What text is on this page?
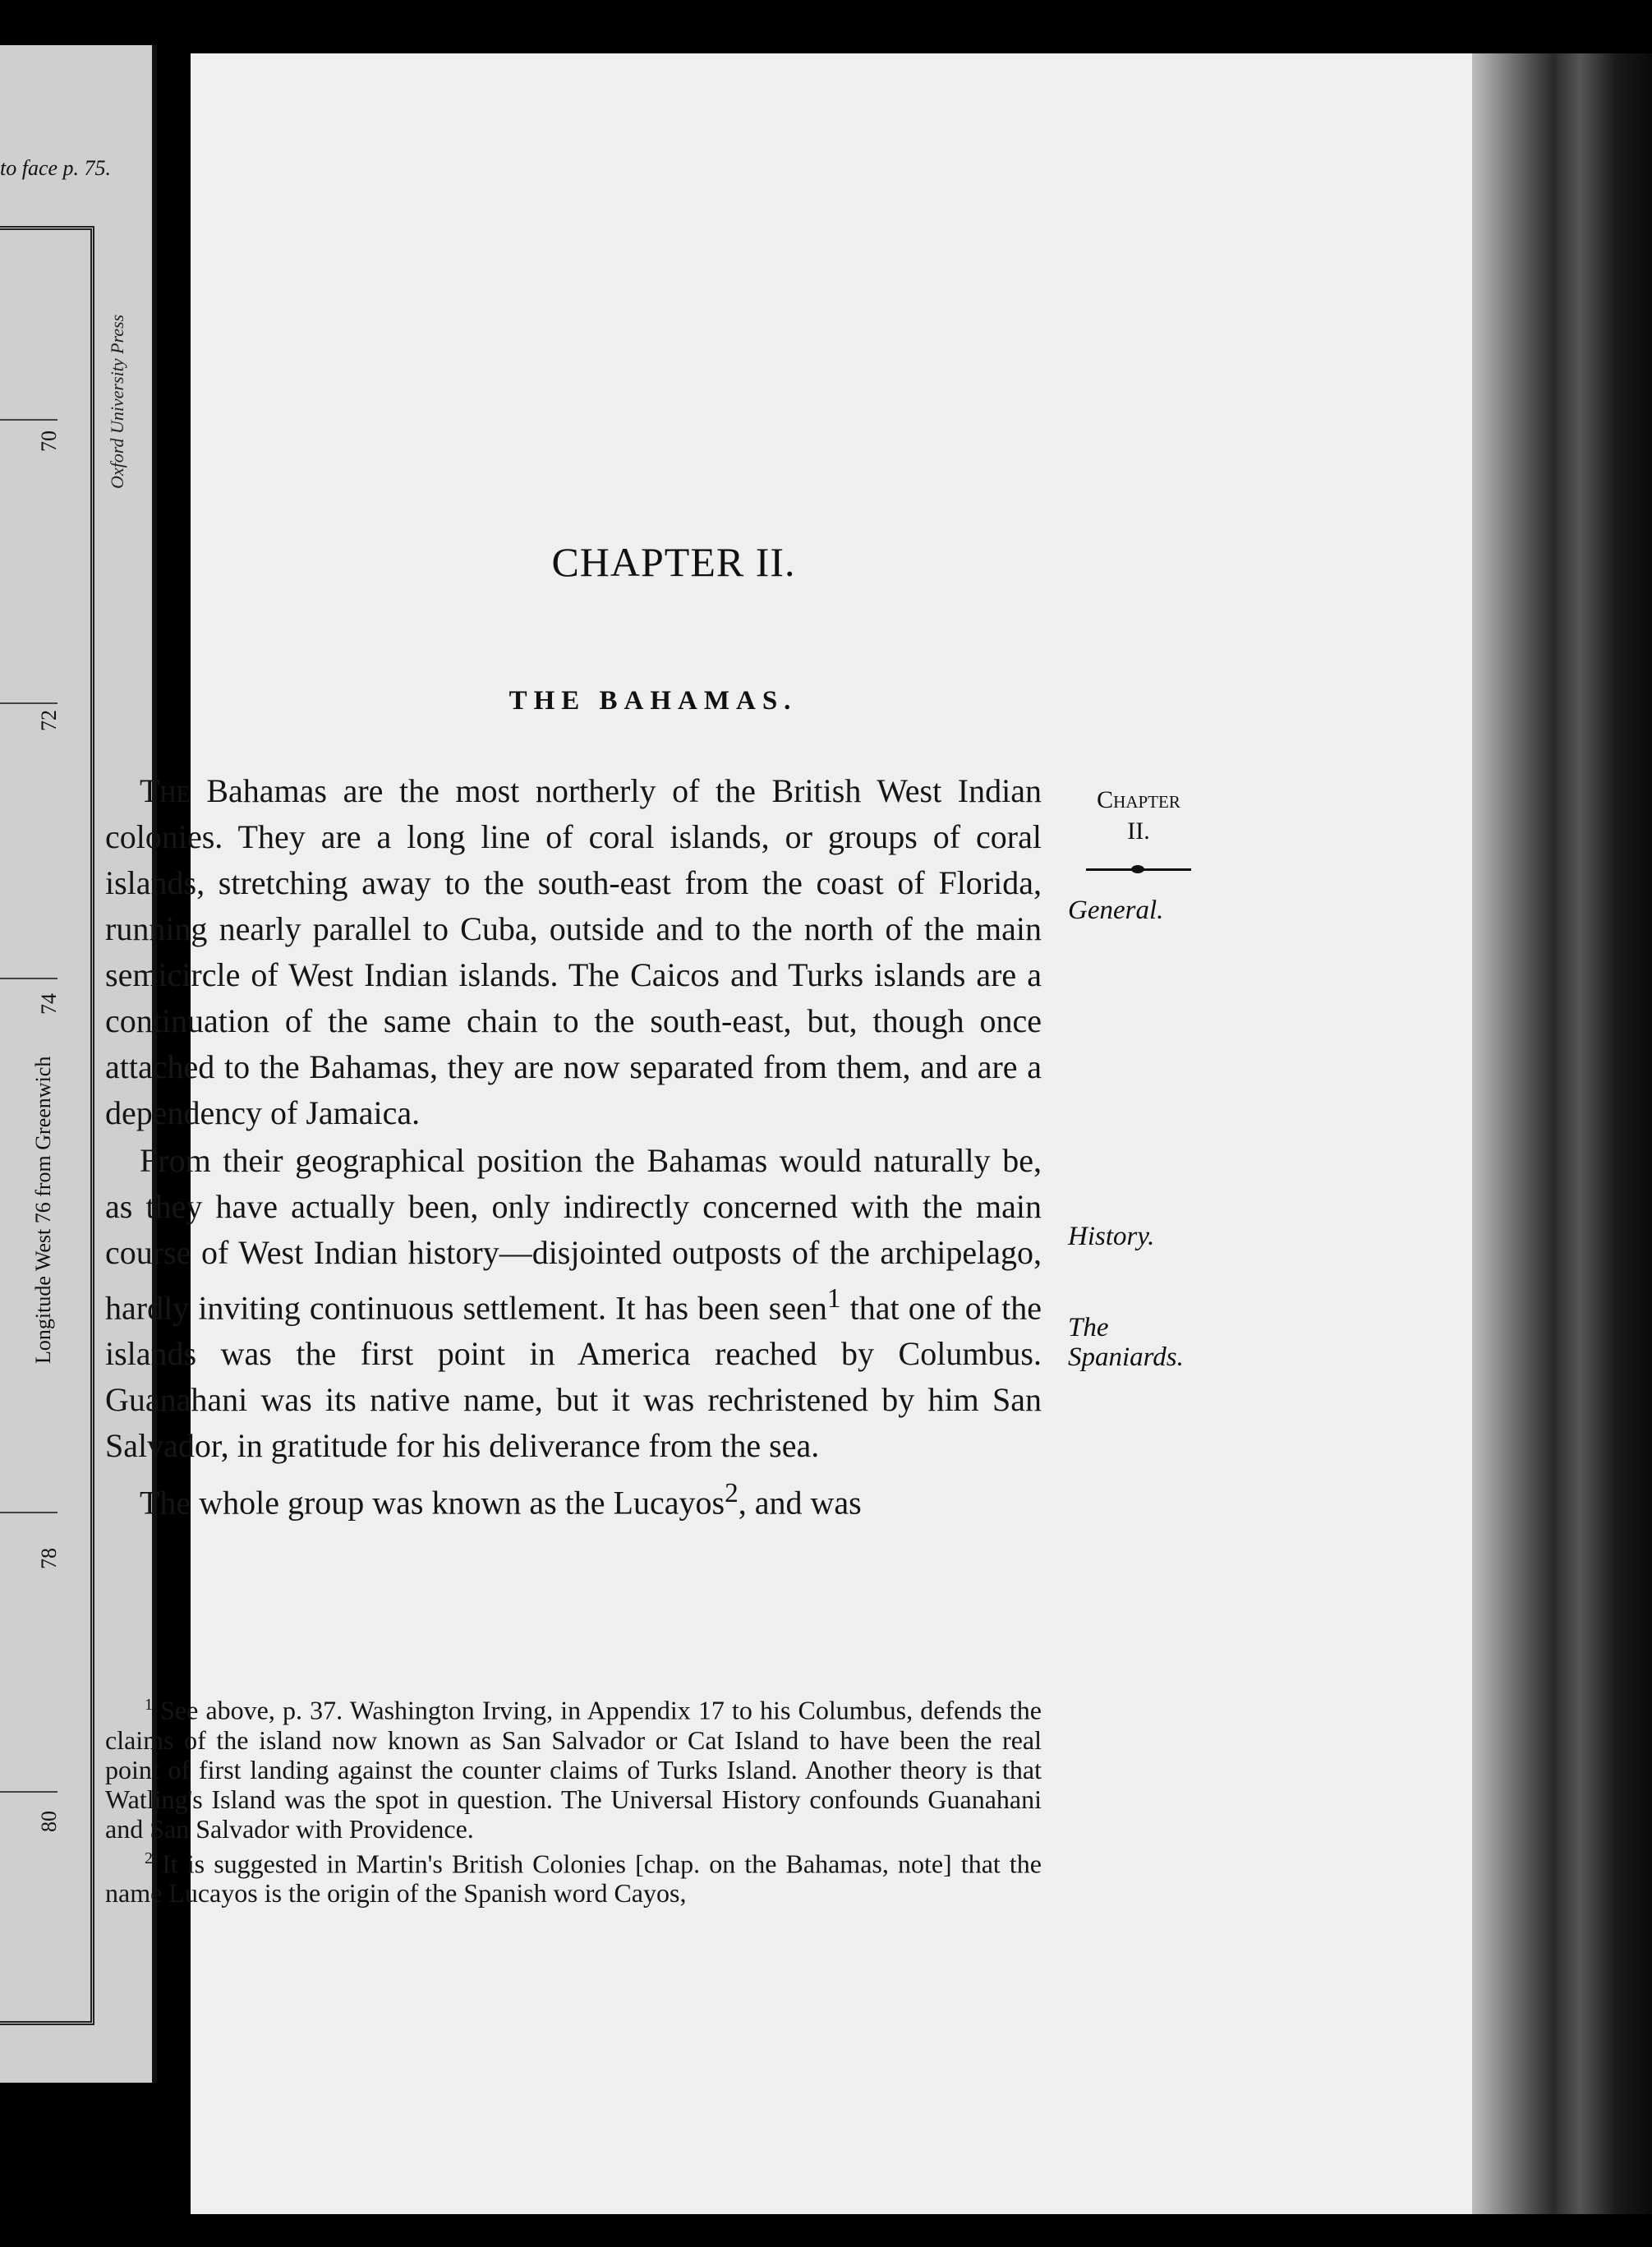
to face p. 75.
70
72
74
Longitude West 76 from Greenwich
78
80
Oxford University Press
CHAPTER II.
THE BAHAMAS.

The Bahamas are the most northerly of the British West Indian colonies. They are a long line of coral islands, or groups of coral islands, stretching away to the south-east from the coast of Florida, running nearly parallel to Cuba, outside and to the north of the main semicircle of West Indian islands. The Caicos and Turks islands are a continuation of the same chain to the south-east, but, though once attached to the Bahamas, they are now separated from them, and are a dependency of Jamaica.

From their geographical position the Bahamas would naturally be, as they have actually been, only indirectly concerned with the main course of West Indian history—disjointed outposts of the archipelago, hardly inviting continuous settlement. It has been seen$^1$ that one of the islands was the first point in America reached by Columbus. Guanahani was its native name, but it was rechristened by him San Salvador, in gratitude for his deliverance from the sea.

The whole group was known as the Lucayos$^2$, and was

Chapter
II.
General.
History.
The
Spaniards.

$^1$ See above, p. 37. Washington Irving, in Appendix 17 to his Columbus, defends the claims of the island now known as San Salvador or Cat Island to have been the real point of first landing against the counter claims of Turks Island. Another theory is that Watling's Island was the spot in question. The Universal History confounds Guanahani and San Salvador with Providence.

$^2$ It is suggested in Martin's British Colonies [chap. on the Bahamas, note] that the name Lucayos is the origin of the Spanish word Cayos,
